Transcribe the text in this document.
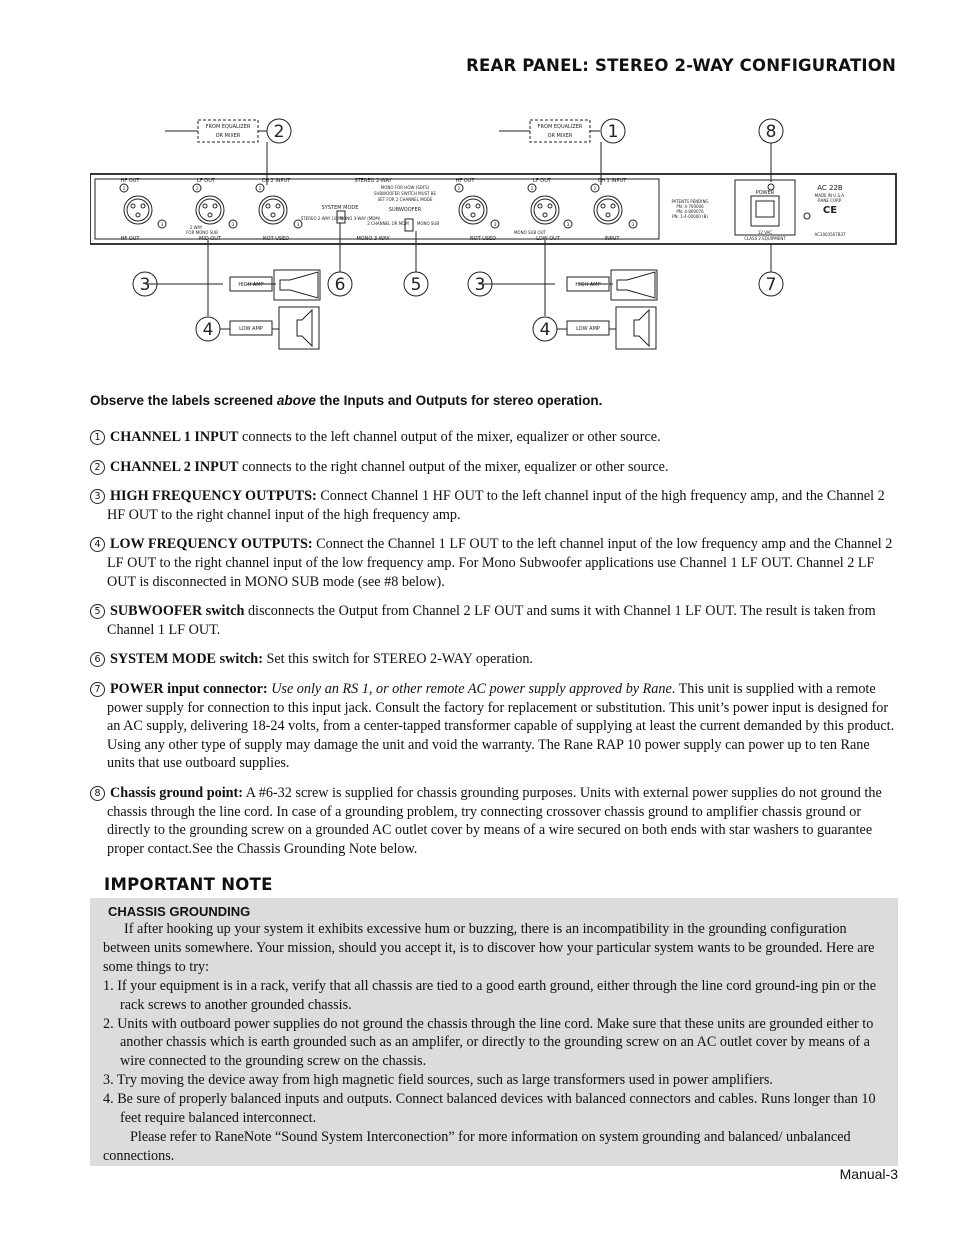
REAR PANEL: STEREO 2-WAY CONFIGURATION
2	1	8
3
4
6	5	3
4
7
FROM EQUALIZER
OR MIXER
FROM EQUALIZER
OR MIXER
HF OUT	LF OUT	CH 2 INPUT	STEREO 2-WAY	HF OUT	LF OUT	CH 1 INPUT
HF OUT	MID OUT	NOT USED	MONO 3-WAY	NOT USED	LOW OUT	INPUT
SYSTEM MODE
STEREO 2-WAY (32M)
MONO 3-WAY (MDM)
SUBWOOFER
2 CHANNEL OR MDM MONO SUB
MONO SUB OUT
MONO FOR HOW (SDFS)
SUBWOOFER SWITCH MUST BE
SET FOR 2 CHANNEL MODE
2 WAY
FOR MONO SUB
PATENTS PENDING
PN: 4-700006
PN: 4-800076
PN: 1-4-00000 (B)
POWER
12 VAC
CLASS 2 EQUIPMENT
AC 22B
MADE IN U.S.A.
RANE CORP.
CE
AC1003567B37
HIGH AMP
LOW AMP
HIGH AMP
LOW AMP
2
3
2
3
2
3
2
3
2
3
2
3
Observe the labels screened above the Inputs and Outputs for stereo operation.
1 CHANNEL 1 INPUT connects to the left channel output of the mixer, equalizer or other source.
2 CHANNEL 2 INPUT connects to the right channel output of the mixer, equalizer or other source.
3 HIGH FREQUENCY OUTPUTS: Connect Channel 1 HF OUT to the left channel input of the high frequency amp, and the Channel 2 HF OUT to the right channel input of the high frequency amp.
4 LOW FREQUENCY OUTPUTS: Connect the Channel 1 LF OUT to the left channel input of the low frequency amp and the Channel 2 LF OUT to the right channel input of the low frequency amp. For Mono Subwoofer applications use Channel 1 LF OUT. Channel 2 LF OUT is disconnected in MONO SUB mode (see #8 below).
5 SUBWOOFER switch disconnects the Output from Channel 2 LF OUT and sums it with Channel 1 LF OUT. The result is taken from Channel 1 LF OUT.
6 SYSTEM MODE switch: Set this switch for STEREO 2-WAY operation.
7 POWER input connector: Use only an RS 1, or other remote AC power supply approved by Rane. This unit is supplied with a remote power supply for connection to this input jack. Consult the factory for replacement or substitution. This unit’s power input is designed for an AC supply, delivering 18-24 volts, from a center-tapped transformer capable of supplying at least the current demanded by this product. Using any other type of supply may damage the unit and void the warranty. The Rane RAP 10 power supply can power up to ten Rane units that use outboard supplies.
8 Chassis ground point: A #6-32 screw is supplied for chassis grounding purposes. Units with external power supplies do not ground the chassis through the line cord. In case of a grounding problem, try connecting crossover chassis ground to amplifier chassis ground or directly to the grounding screw on a grounded AC outlet cover by means of a wire secured on both ends with star washers to guarantee proper contact.See the Chassis Grounding Note below.
IMPORTANT NOTE
CHASSIS GROUNDING

If after hooking up your system it exhibits excessive hum or buzzing, there is an incompatibility in the grounding configuration between units somewhere. Your mission, should you accept it, is to discover how your particular system wants to be grounded. Here are some things to try:

1. If your equipment is in a rack, verify that all chassis are tied to a good earth ground, either through the line cord ground-ing pin or the rack screws to another grounded chassis.

2. Units with outboard power supplies do not ground the chassis through the line cord. Make sure that these units are grounded either to another chassis which is earth grounded such as an amplifer, or directly to the grounding screw on an AC outlet cover by means of a wire connected to the grounding screw on the chassis.

3. Try moving the device away from high magnetic field sources, such as large transformers used in power amplifiers.

4. Be sure of properly balanced inputs and outputs. Connect balanced devices with balanced connectors and cables. Runs longer than 10 feet require balanced interconnect.

Please refer to RaneNote “Sound System Interconection” for more information on system grounding and balanced/ unbalanced connections.

Manual-3
